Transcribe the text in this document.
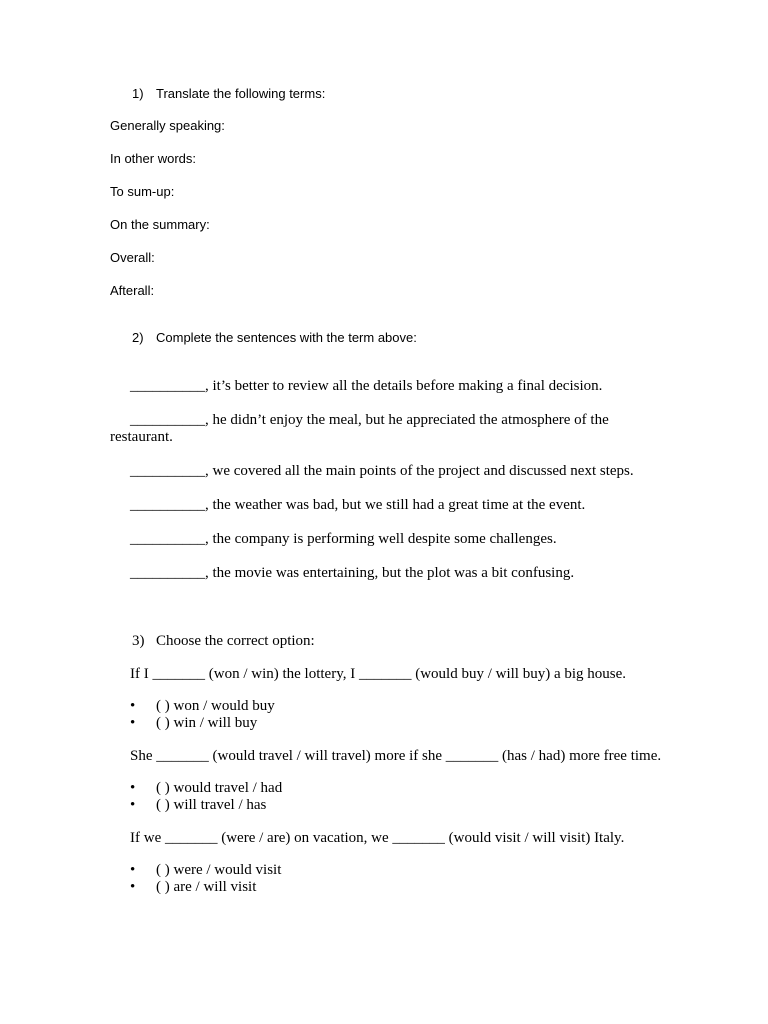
1) Translate the following terms:
Generally speaking:
In other words:
To sum-up:
On the summary:
Overall:
Afterall:
2) Complete the sentences with the term above:
__________, it’s better to review all the details before making a final decision.
__________, he didn’t enjoy the meal, but he appreciated the atmosphere of the restaurant.
__________, we covered all the main points of the project and discussed next steps.
__________, the weather was bad, but we still had a great time at the event.
__________, the company is performing well despite some challenges.
__________, the movie was entertaining, but the plot was a bit confusing.
3) Choose the correct option:

If I _______ (won / win) the lottery, I _______ (would buy / will buy) a big house.

•	( ) won / would buy
•	( ) win / will buy

She _______ (would travel / will travel) more if she _______ (has / had) more free time.

•	( ) would travel / had
•	( ) will travel / has

If we _______ (were / are) on vacation, we _______ (would visit / will visit) Italy.

•	( ) were / would visit
•	( ) are / will visit
